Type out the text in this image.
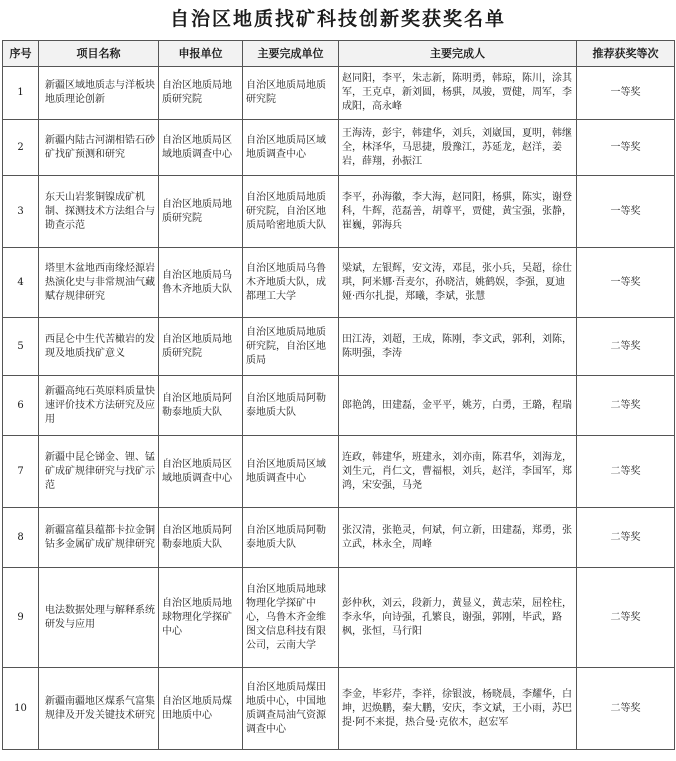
自治区地质找矿科技创新奖获奖名单
序号	项目名称	申报单位	主要完成单位	主要完成人	推荐获奖等次
1	新疆区域地质志与洋板块地质理论创新	自治区地质局地质研究院	自治区地质局地质研究院	赵同阳，李平，朱志新，陈明勇，韩琼，陈川，涂其军，王克卓，新刘圆，杨骐，凤骏，贾健，周军，李成阳，高永峰	一等奖
2	新疆内陆古河湖相锆石砂矿找矿预测和研究	自治区地质局区域地质调查中心	自治区地质局区域地质调查中心	王海涛，彭宇，韩建华，刘兵，刘崴国，夏明，韩继全，林泽华，马思捷，殷豫江，苏延龙，赵洋，姜岩，薛翔，孙振江	一等奖
3	东天山岩浆铜镍成矿机制、探测技术方法组合与勘查示范	自治区地质局地质研究院	自治区地质局地质研究院，自治区地质局哈密地质大队	李平，孙海徽，李大海，赵同阳，杨骐，陈实，谢登科，牛辉，范磊善，胡尊平，贾健，黄宝强，张静，崔巍，郭海兵	一等奖
4	塔里木盆地西南缘烃源岩热演化史与非常规油气藏赋存规律研究	自治区地质局乌鲁木齐地质大队	自治区地质局乌鲁木齐地质大队，成都理工大学	梁斌，左银辉，安文涛，邓昆，张小兵，吴超，徐仕琪，阿米娜·吾麦尔，孙晓洁，姚鹤娱，李强，夏迪娅·西尔扎提，郑曦，李斌，张慧	一等奖
5	西昆仑中生代苦橄岩的发现及地质找矿意义	自治区地质局地质研究院	自治区地质局地质研究院，自治区地质局	田江涛，刘超，王成，陈刚，李文武，郭利，刘陈，陈明强，李涛	二等奖
6	新疆高纯石英原料质量快速评价技术方法研究及应用	自治区地质局阿勒泰地质大队	自治区地质局阿勒泰地质大队	郎艳鸽，田建磊，金平平，姚芳，白勇，王璐，程瑞	二等奖
7	新疆中昆仑锑金、锂、锰矿成矿规律研究与找矿示范	自治区地质局区域地质调查中心	自治区地质局区域地质调查中心	连政，韩建华，班建永，刘亦南，陈君华，刘海龙，刘生元，肖仁文，曹福根，刘兵，赵洋，李国军，郑鸿，宋安强，马尧	二等奖
8	新疆富蕴县蕴都卡拉金铜钴多金属矿成矿规律研究	自治区地质局阿勒泰地质大队	自治区地质局阿勒泰地质大队	张汉清，张艳灵，何斌，何立新，田建磊，郑勇，张立武，林永全，周峰	二等奖
9	电法数据处理与解释系统研发与应用	自治区地质局地球物理化学探矿中心	自治区地质局地球物理化学探矿中心，乌鲁木齐金维图文信息科技有限公司，云南大学	彭仲秋，刘云，段新力，黄显义，黄志荣，屈栓柱，李永华，向诗强，孔繁良，谢强，郭刚，毕武，路枫，张恒，马行阳	二等奖
10	新疆南疆地区煤系气富集规律及开发关键技术研究	自治区地质局煤田地质中心	自治区地质局煤田地质中心，中国地质调查局油气资源调查中心	李金，毕彩芹，李祥，徐银波，杨晓晨，李耀华，白坤，迟焕鹏，秦大鹏，安庆，李文斌，王小雨，苏巴提·阿不来提，热合曼·克依木，赵宏军	二等奖
